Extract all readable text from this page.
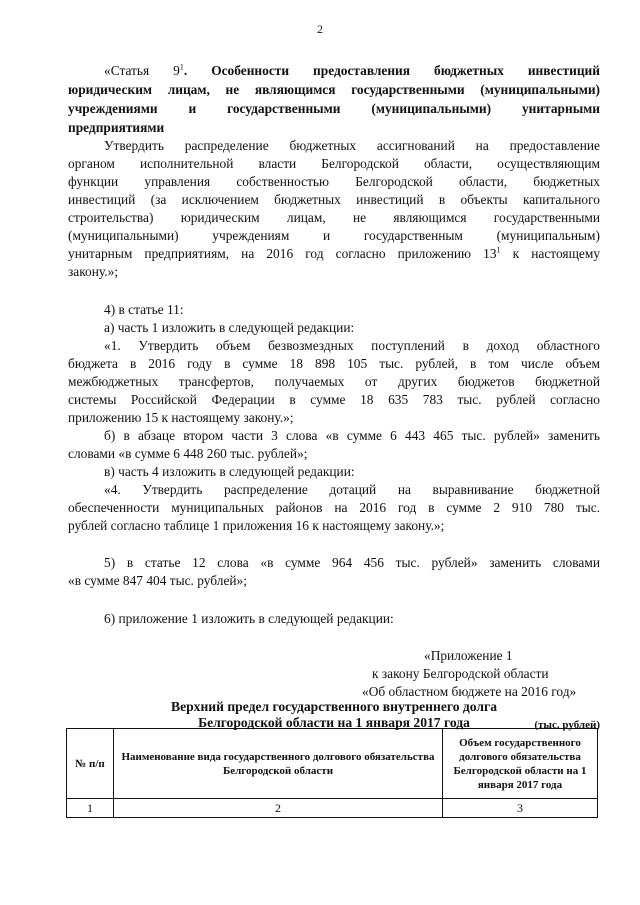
2
«Статья $9^1$. Особенности предоставления бюджетных инвестиций
юридическим лицам, не являющимся государственными (муниципальными)
учреждениями и государственными (муниципальными) унитарными
предприятиями
Утвердить распределение бюджетных ассигнований на предоставление
органом исполнительной власти Белгородской области, осуществляющим
функции управления собственностью Белгородской области, бюджетных
инвестиций (за исключением бюджетных инвестиций в объекты капитального
строительства) юридическим лицам, не являющимся государственными
(муниципальными) учреждениям и государственным (муниципальным)
унитарным предприятиям, на 2016 год согласно приложению $13^1$ к настоящему
закону.»;
4) в статье 11:
а) часть 1 изложить в следующей редакции:
«1. Утвердить объем безвозмездных поступлений в доход областного
бюджета в 2016 году в сумме 18 898 105 тыс. рублей, в том числе объем
межбюджетных трансфертов, получаемых от других бюджетов бюджетной
системы Российской Федерации в сумме 18 635 783 тыс. рублей согласно
приложению 15 к настоящему закону.»;
б) в абзаце втором части 3 слова «в сумме 6 443 465 тыс. рублей» заменить
словами «в сумме 6 448 260 тыс. рублей»;
в) часть 4 изложить в следующей редакции:
«4. Утвердить распределение дотаций на выравнивание бюджетной
обеспеченности муниципальных районов на 2016 год в сумме 2 910 780 тыс.
рублей согласно таблице 1 приложения 16 к настоящему закону.»;
5) в статье 12 слова «в сумме 964 456 тыс. рублей» заменить словами
«в сумме 847 404 тыс. рублей»;
6) приложение 1 изложить в следующей редакции:
«Приложение 1
к закону Белгородской области
«Об областном бюджете на 2016 год»
Верхний предел государственного внутреннего долга
Белгородской области на 1 января 2017 года	(тыс. рублей)
№ п/п	Наименование вида государственного долгового обязательства Белгородской области	Объем государственного долгового обязательства Белгородской области на 1 января 2017 года
1	2	3
